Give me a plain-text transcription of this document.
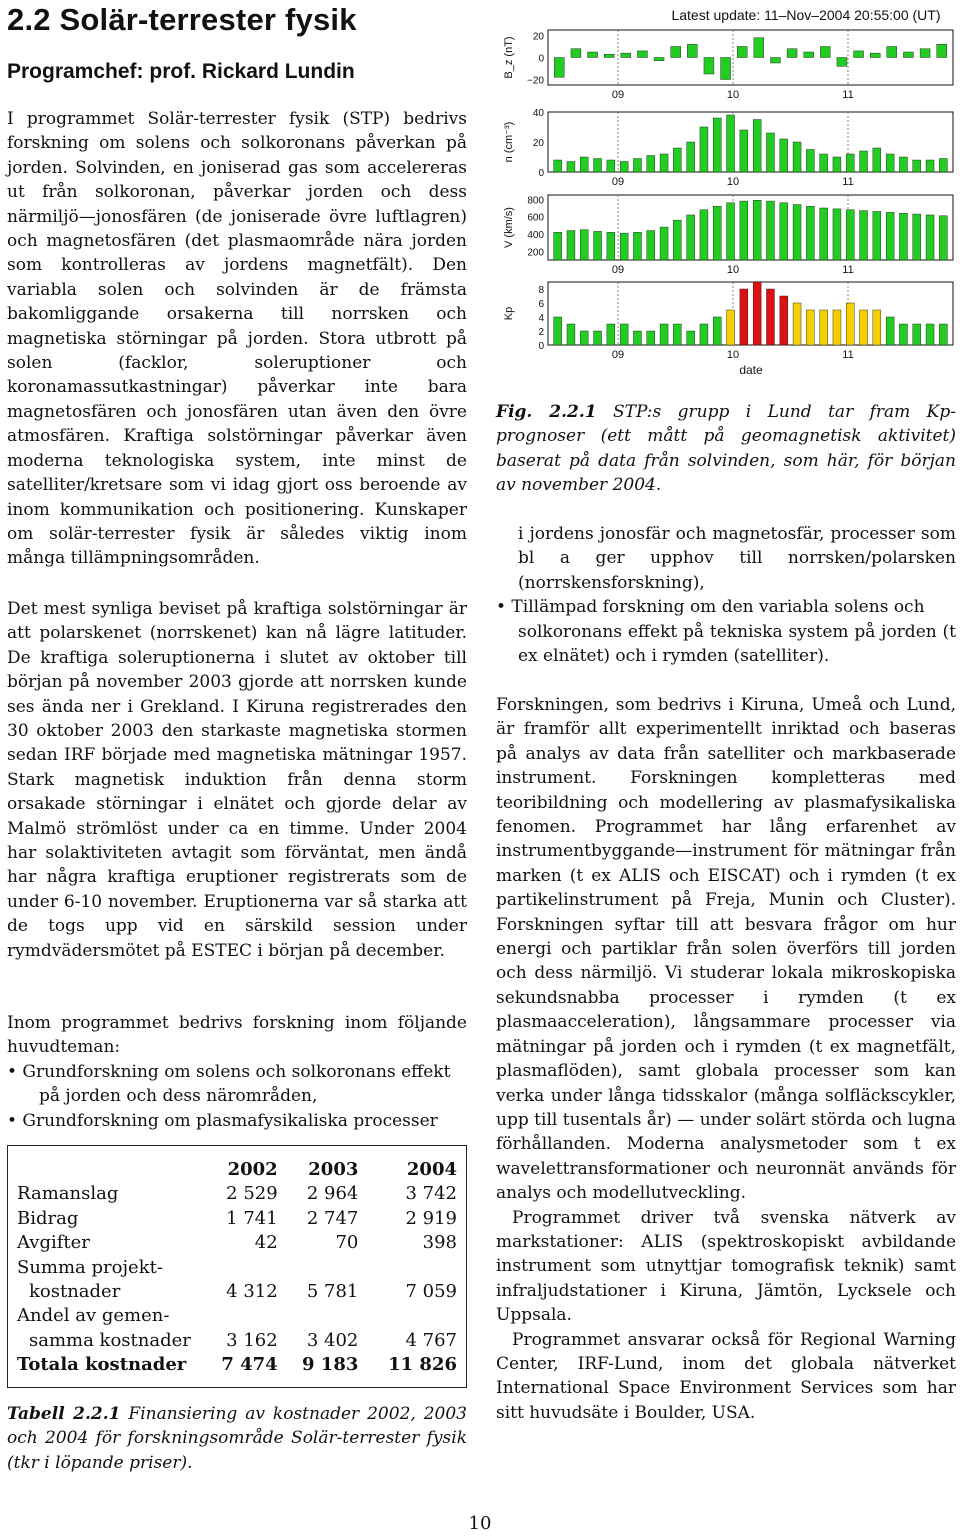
2.2 Solär-terrester fysik
Programchef: prof. Rickard Lundin

I programmet Solär-terrester fysik (STP) bedrivs forskning om solens och solkoronans påverkan på jorden. Solvinden, en joniserad gas som accelereras ut från solkoronan, påverkar jorden och dess närmiljö—jonosfären (de joniserade övre luftlagren) och magnetosfären (det plasmaområde nära jorden som kontrolleras av jordens magnetfält). Den variabla solen och solvinden är de främsta bakomliggande orsakerna till norrsken och magnetiska störningar på jorden. Stora utbrott på solen (facklor, soleruptioner och koronamassutkastningar) påverkar inte bara magnetosfären och jonosfären utan även den övre atmosfären. Kraftiga solstörningar påverkar även moderna teknologiska system, inte minst de satelliter/kretsare som vi idag gjort oss beroende av inom kommunikation och positionering. Kunskaper om solär-terrester fysik är således viktig inom många tillämpningsområden.

Det mest synliga beviset på kraftiga solstörningar är att polarskenet (norrskenet) kan nå lägre latituder. De kraftiga soleruptionerna i slutet av oktober till början på november 2003 gjorde att norrsken kunde ses ända ner i Grekland. I Kiruna registrerades den 30 oktober 2003 den starkaste magnetiska stormen sedan IRF började med magnetiska mätningar 1957. Stark magnetisk induktion från denna storm orsakade störningar i elnätet och gjorde delar av Malmö strömlöst under ca en timme. Under 2004 har solaktiviteten avtagit som förväntat, men ändå har några kraftiga eruptioner registrerats som de under 6-10 november. Eruptionerna var så starka att de togs upp vid en särskild session under rymdvädersmötet på ESTEC i början på december.

Inom programmet bedrivs forskning inom följande huvudteman:
• Grundforskning om solens och solkoronans effekt
på jorden och dess närområden,
• Grundforskning om plasmafysikaliska processer
	2002	2003	2004
Ramanslag	2 529	2 964	3 742
Bidrag	1 741	2 747	2 919
Avgifter	42	70	398
Summa projekt-			
kostnader	4 312	5 781	7 059
Andel av gemen-			
samma kostnader	3 162	3 402	4 767
Totala kostnader	7 474	9 183	11 826
Tabell 2.2.1 Finansiering av kostnader 2002, 2003 och 2004 för forskningsområde Solär-terrester fysik (tkr i löpande priser).
Latest update: 11–Nov–2004 20:55:00 (UT)
09	10	11
20
0
−20
B_z (nT)
09	10	11
40
20
0
n (cm⁻³)
09	10	11
800
600
400
200
V (km/s)
09	10	11
8
6
4
2
0
Kp
date
Fig. 2.2.1 STP:s grupp i Lund tar fram Kp-prognoser (ett mått på geomagnetisk aktivitet) baserat på data från solvinden, som här, för början av november 2004.
i jordens jonosfär och magnetosfär, processer som bl a ger upphov till norrsken/polarsken (norrskensforskning),
• Tillämpad forskning om den variabla solens och
solkoronans effekt på tekniska system på jorden (t ex elnätet) och i rymden (satelliter).

Forskningen, som bedrivs i Kiruna, Umeå och Lund, är framför allt experimentellt inriktad och baseras på analys av data från satelliter och markbaserade instrument. Forskningen kompletteras med teoribildning och modellering av plasmafysikaliska fenomen. Programmet har lång erfarenhet av instrumentbyggande—instrument för mätningar från marken (t ex ALIS och EISCAT) och i rymden (t ex partikelinstrument på Freja, Munin och Cluster). Forskningen syftar till att besvara frågor om hur energi och partiklar från solen överförs till jorden och dess närmiljö. Vi studerar lokala mikroskopiska sekundsnabba processer i rymden (t ex plasmaacceleration), långsammare processer via mätningar på jorden och i rymden (t ex magnetfält, plasmaflöden), samt globala processer som kan verka under långa tidsskalor (många solfläckscykler, upp till tusentals år) — under solärt störda och lugna förhållanden. Moderna analysmetoder som t ex wavelettransformationer och neuronnät används för analys och modellutveckling.

Programmet driver två svenska nätverk av markstationer: ALIS (spektroskopiskt avbildande instrument som utnyttjar tomografisk teknik) samt infraljudstationer i Kiruna, Jämtön, Lycksele och Uppsala.

Programmet ansvarar också för Regional Warning Center, IRF-Lund, inom det globala nätverket International Space Environment Services som har sitt huvudsäte i Boulder, USA.

10
